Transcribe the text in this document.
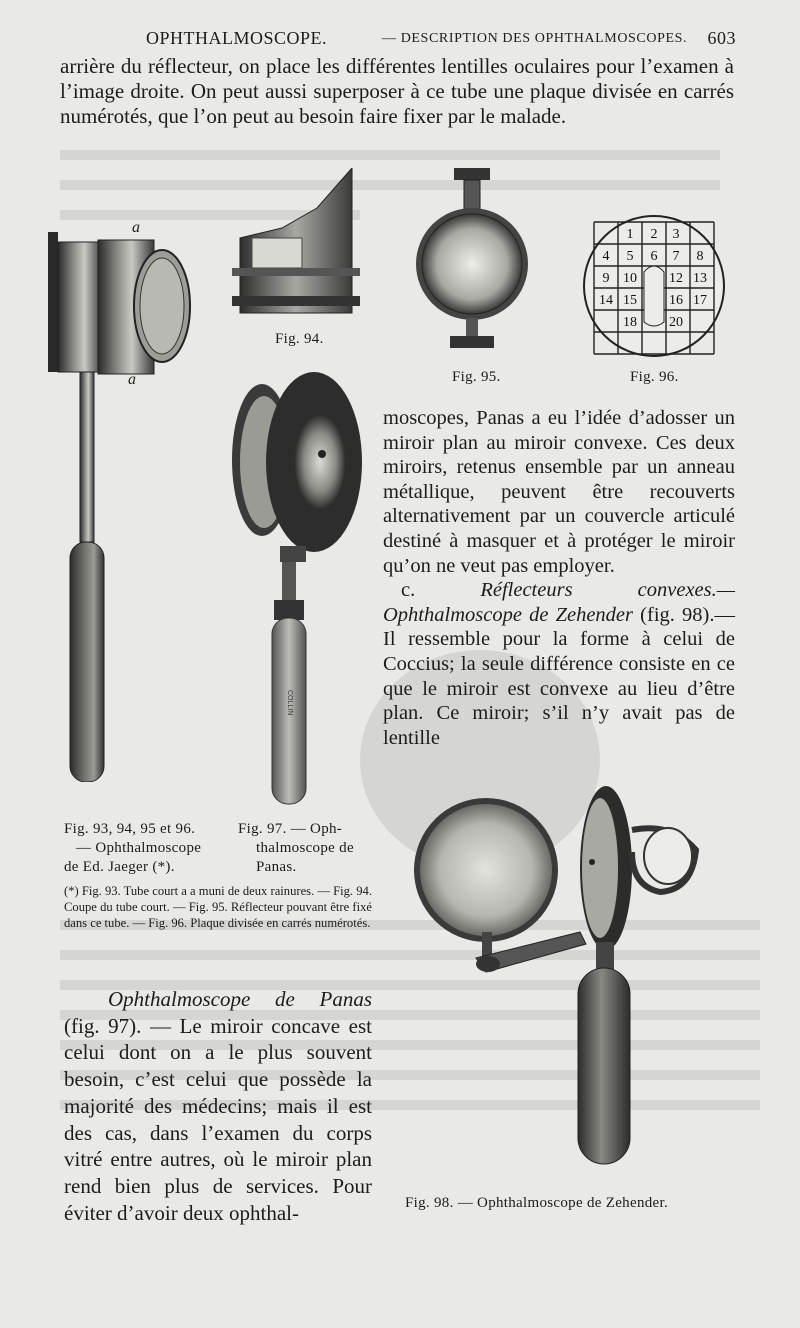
OPHTHALMOSCOPE.	— DESCRIPTION DES OPHTHALMOSCOPES. 603
arrière du réflecteur, on place les différentes lentilles oculaires pour l’examen à l’image droite. On peut aussi superposer à ce tube une plaque divisée en carrés numérotés, que l’on peut au besoin faire fixer par le malade.
a
a
Fig. 94.
Fig. 95.
1 2 3
4 5 6 7 8
9 10 12 13
14 15 16 17
18 20
Fig. 96.
COLLIN
Fig. 93, 94, 95 et 96.
— Ophthalmoscope
de Ed. Jaeger (*).
Fig. 97. — Oph-
thalmoscope de
Panas.
(*) Fig. 93. Tube court a a muni de deux rainures. — Fig. 94. Coupe du tube court. — Fig. 95. Réflecteur pouvant être fixé dans ce tube. — Fig. 96. Plaque divisée en carrés numérotés.
moscopes, Panas a eu l’idée d’adosser un miroir plan au miroir convexe. Ces deux miroirs, retenus ensemble par un anneau métallique, peuvent être recouverts alternativement par un couvercle articulé destiné à masquer et à protéger le miroir qu’on ne veut pas employer.
c. Réflecteurs convexes.— Ophthalmoscope de Zehender (fig. 98).—Il ressemble pour la forme à celui de Coccius; la seule différence consiste en ce que le miroir est convexe au lieu d’être plan. Ce miroir; s’il n’y avait pas de lentille
Fig. 98. — Ophthalmoscope de Zehender.
Ophthalmoscope de Panas (fig. 97). — Le miroir concave est celui dont on a le plus souvent besoin, c’est celui que possède la majorité des médecins; mais il est des cas, dans l’examen du corps vitré entre autres, où le miroir plan rend bien plus de services. Pour éviter d’avoir deux ophthal-
